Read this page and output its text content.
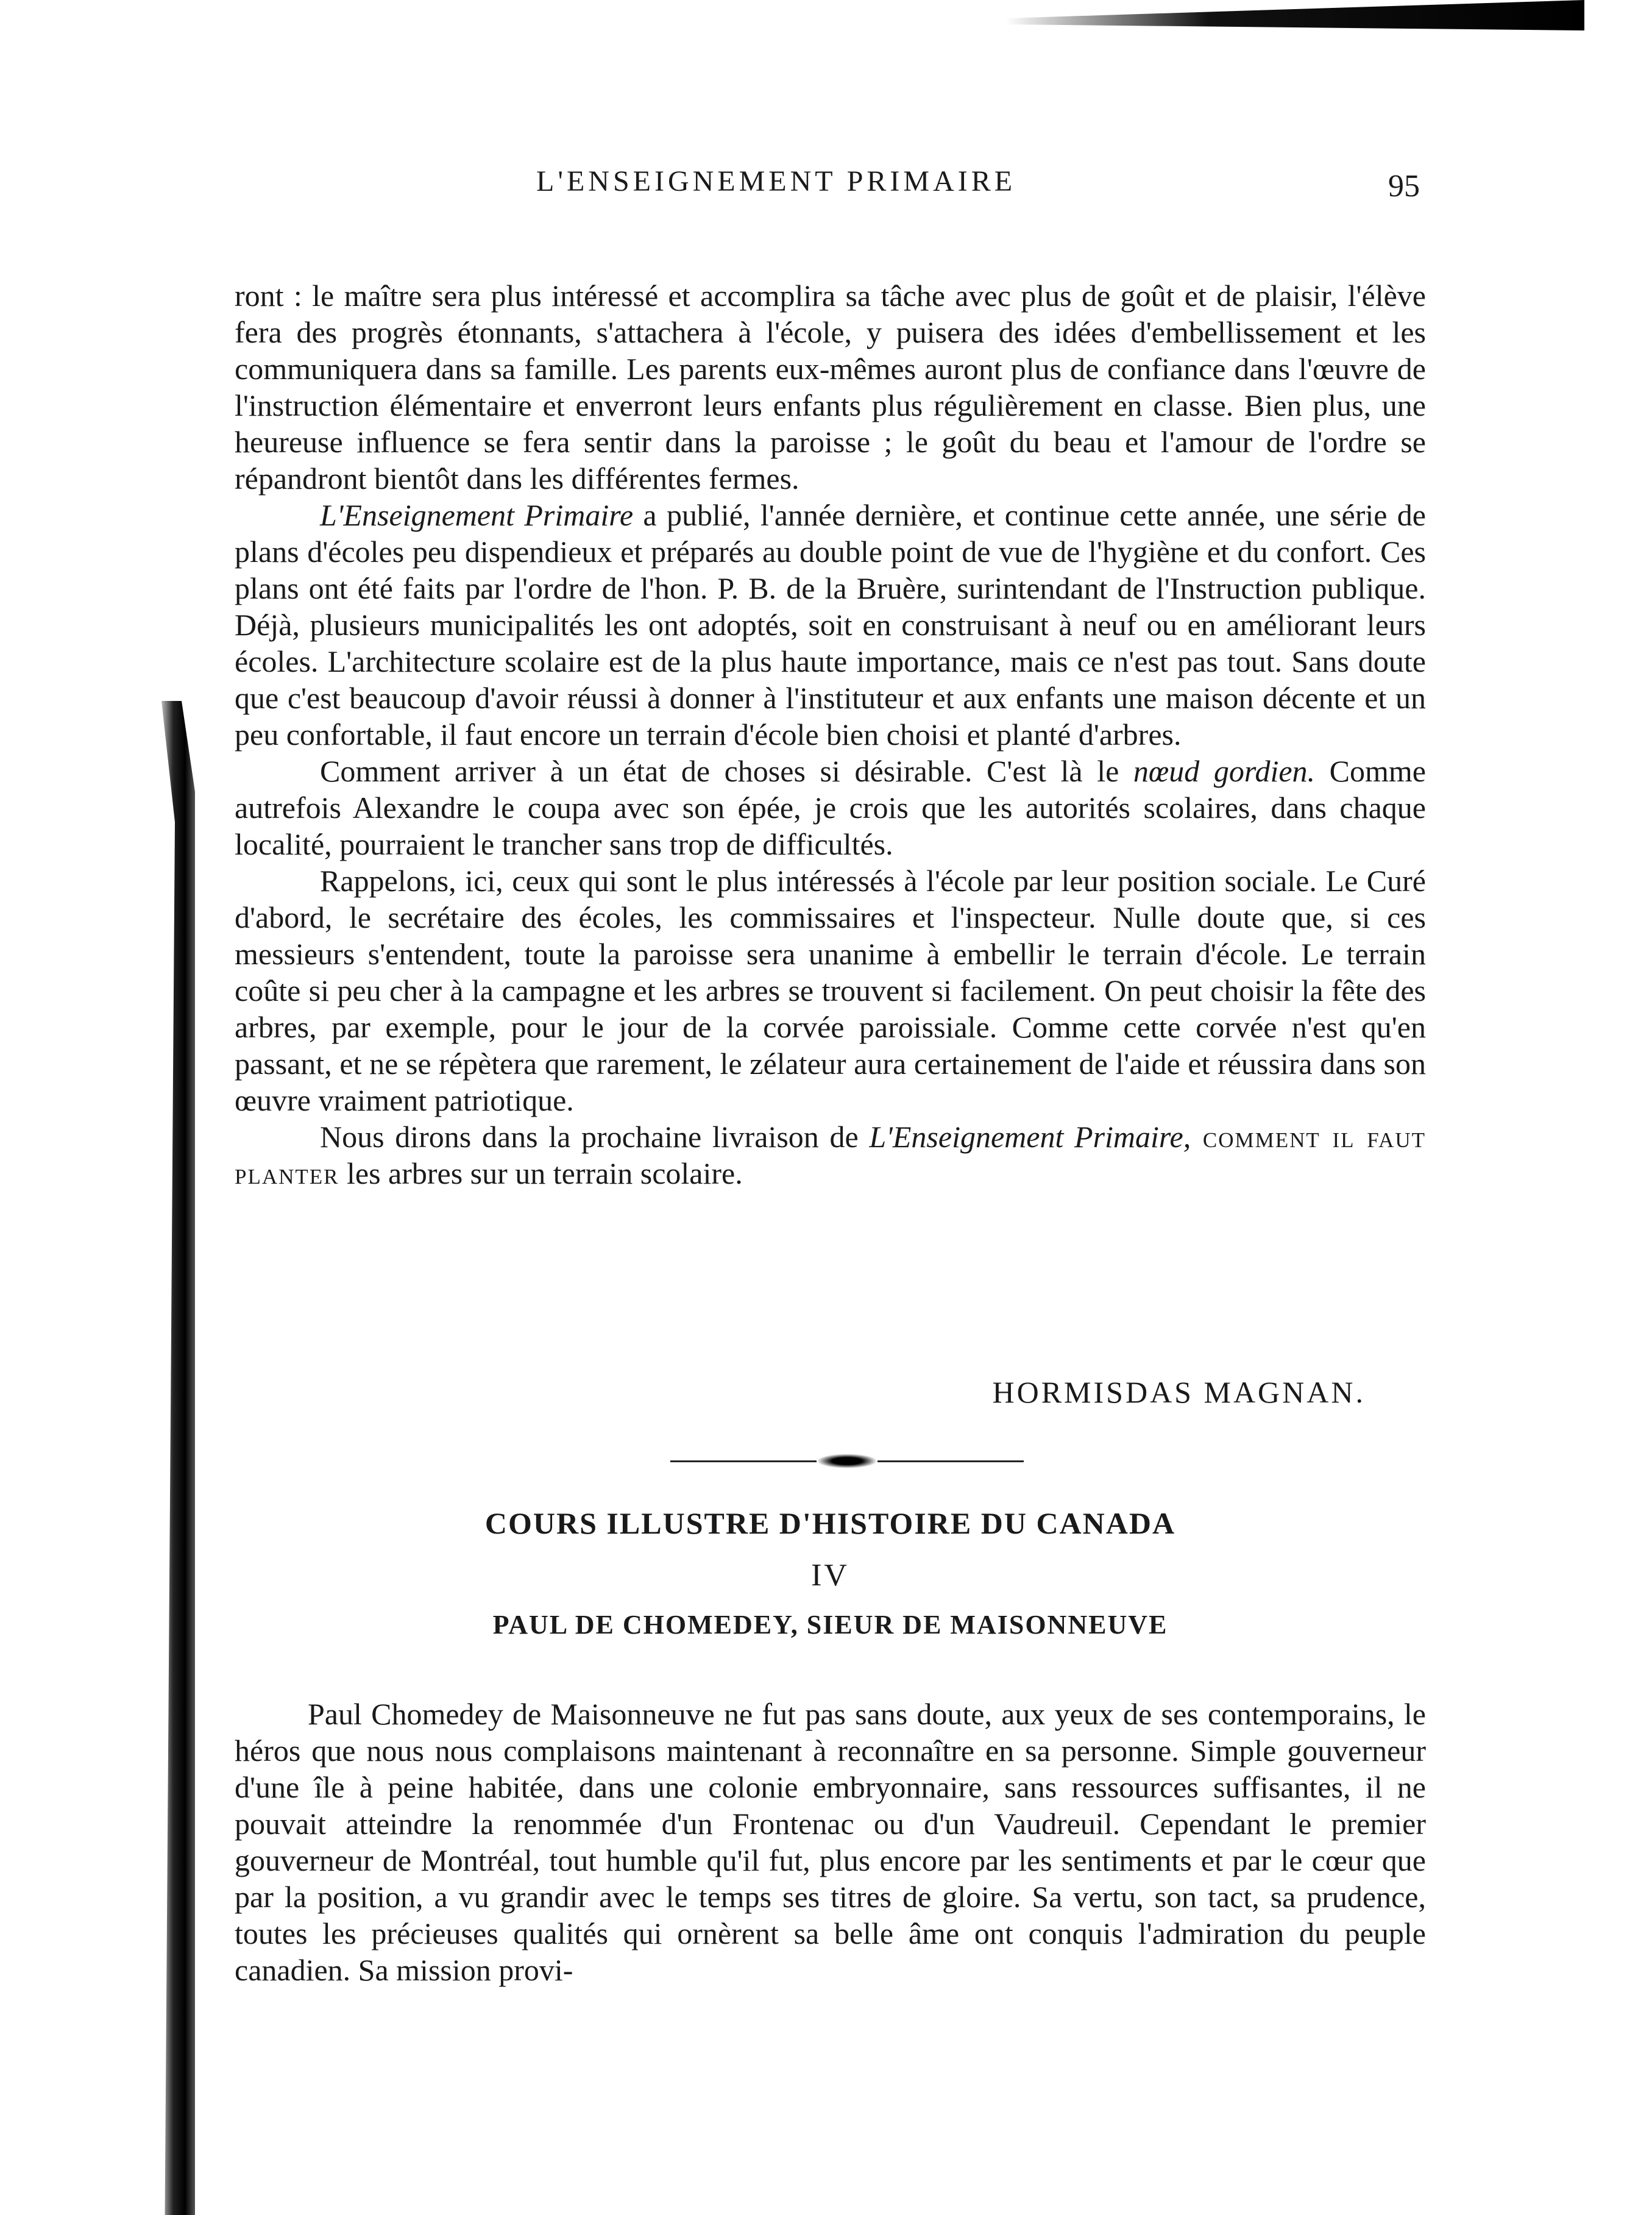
L'ENSEIGNEMENT PRIMAIRE	95

ront : le maître sera plus intéressé et accomplira sa tâche avec plus de goût et de plaisir, l'élève fera des progrès étonnants, s'attachera à l'école, y puisera des idées d'embellissement et les communiquera dans sa famille. Les parents eux-mêmes auront plus de confiance dans l'œuvre de l'instruction élémentaire et enverront leurs enfants plus régulièrement en classe. Bien plus, une heureuse influence se fera sentir dans la paroisse ; le goût du beau et l'amour de l'ordre se répandront bientôt dans les différentes fermes.

L'Enseignement Primaire a publié, l'année dernière, et continue cette année, une série de plans d'écoles peu dispendieux et préparés au double point de vue de l'hygiène et du confort. Ces plans ont été faits par l'ordre de l'hon. P. B. de la Bruère, surintendant de l'Instruction publique. Déjà, plusieurs municipalités les ont adoptés, soit en construisant à neuf ou en améliorant leurs écoles. L'architecture scolaire est de la plus haute importance, mais ce n'est pas tout. Sans doute que c'est beaucoup d'avoir réussi à donner à l'instituteur et aux enfants une maison décente et un peu confortable, il faut encore un terrain d'école bien choisi et planté d'arbres.

Comment arriver à un état de choses si désirable. C'est là le nœud gordien. Comme autrefois Alexandre le coupa avec son épée, je crois que les autorités scolaires, dans chaque localité, pourraient le trancher sans trop de difficultés.

Rappelons, ici, ceux qui sont le plus intéressés à l'école par leur position sociale. Le Curé d'abord, le secrétaire des écoles, les commissaires et l'inspecteur. Nulle doute que, si ces messieurs s'entendent, toute la paroisse sera unanime à embellir le terrain d'école. Le terrain coûte si peu cher à la campagne et les arbres se trouvent si facilement. On peut choisir la fête des arbres, par exemple, pour le jour de la corvée paroissiale. Comme cette corvée n'est qu'en passant, et ne se répètera que rarement, le zélateur aura certainement de l'aide et réussira dans son œuvre vraiment patriotique.

Nous dirons dans la prochaine livraison de L'Enseignement Primaire, comment il faut planter les arbres sur un terrain scolaire.

HORMISDAS MAGNAN.
COURS ILLUSTRE D'HISTOIRE DU CANADA
IV
PAUL DE CHOMEDEY, SIEUR DE MAISONNEUVE

Paul Chomedey de Maisonneuve ne fut pas sans doute, aux yeux de ses contemporains, le héros que nous nous complaisons maintenant à reconnaître en sa personne. Simple gouverneur d'une île à peine habitée, dans une colonie embryonnaire, sans ressources suffisantes, il ne pouvait atteindre la renommée d'un Frontenac ou d'un Vaudreuil. Cependant le premier gouverneur de Montréal, tout humble qu'il fut, plus encore par les sentiments et par le cœur que par la position, a vu grandir avec le temps ses titres de gloire. Sa vertu, son tact, sa prudence, toutes les précieuses qualités qui ornèrent sa belle âme ont conquis l'admiration du peuple canadien. Sa mission provi-
